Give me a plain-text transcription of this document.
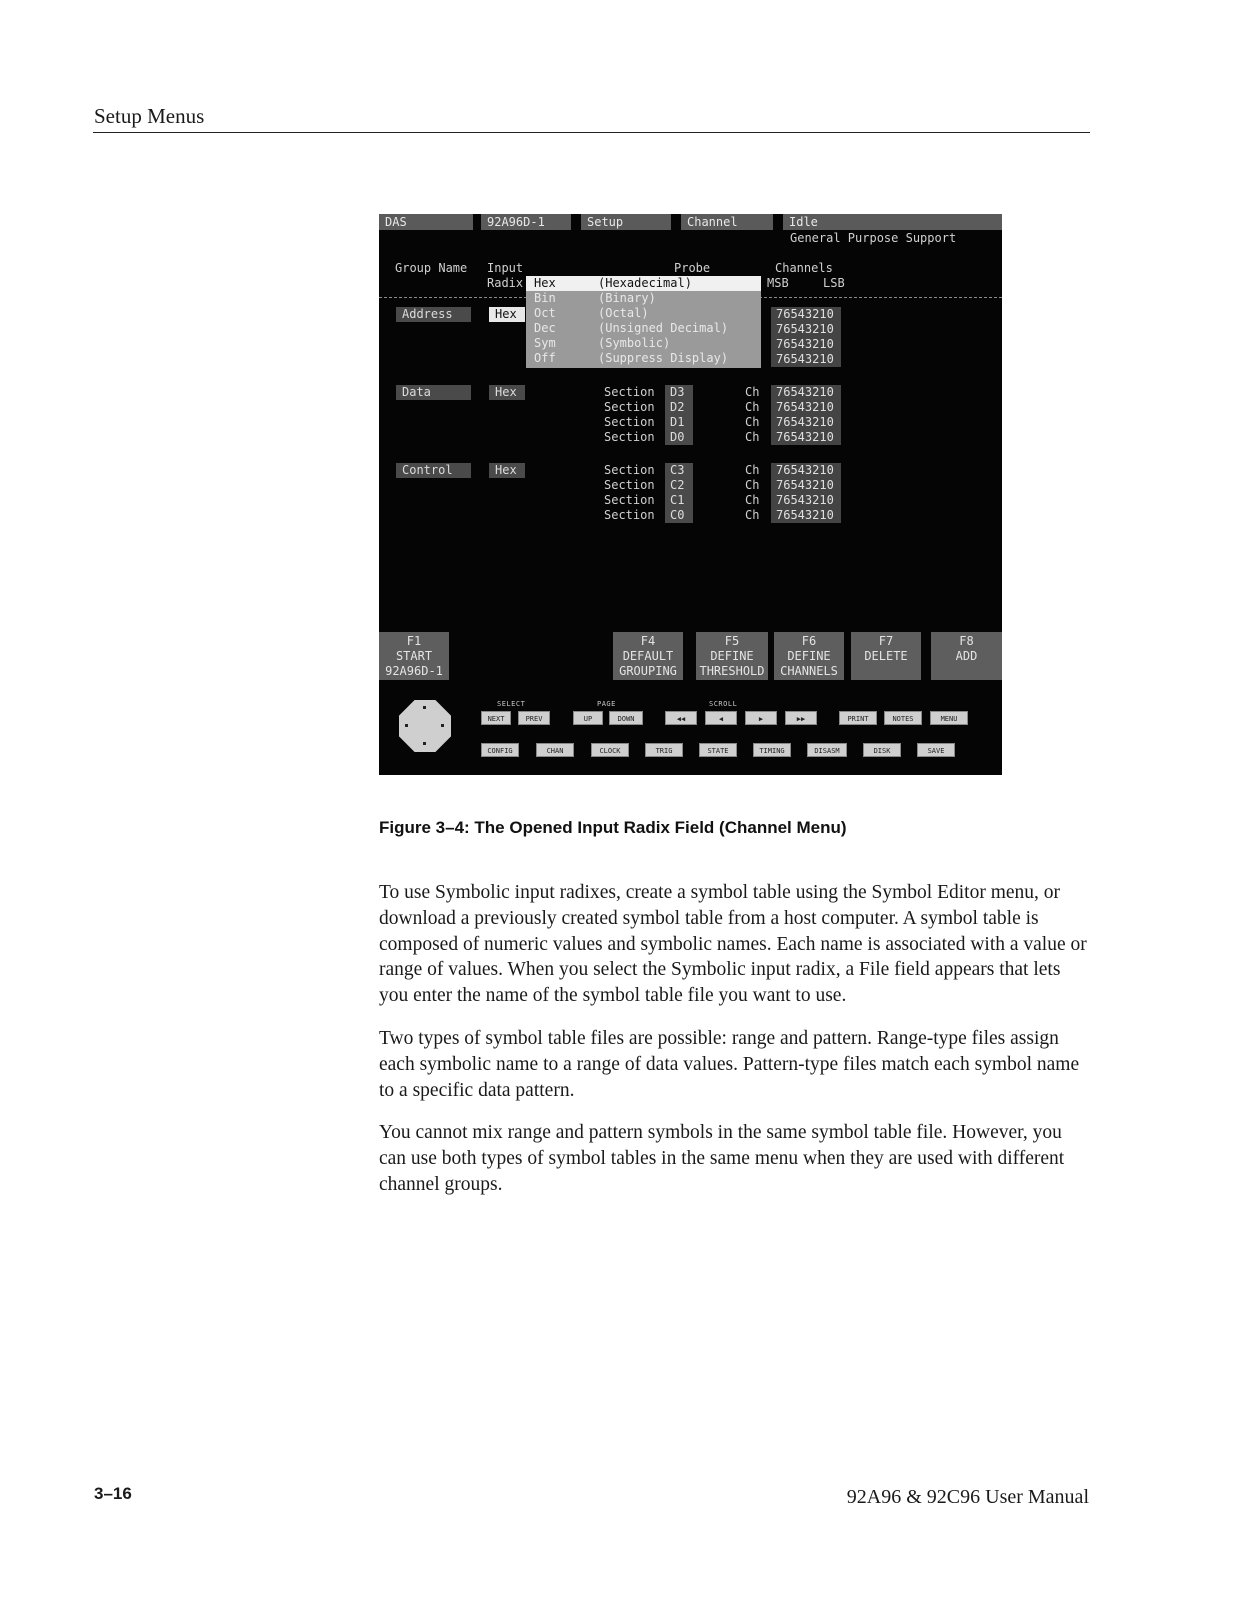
Setup Menus
DAS	92A96D-1	Setup	Channel	Idle
General Purpose Support
Group Name Input
Radix
Probe	Channels
MSB	LSB
Address	Hex	76543210
76543210
76543210
76543210
Hex	(Hexadecimal)
Bin	(Binary)
Oct	(Octal)
Dec	(Unsigned Decimal)
Sym	(Symbolic)
Off	(Suppress Display)
Data	Hex	Section	D3	Ch	76543210
Section	D2	Ch	76543210
Section	D1	Ch	76543210
Section	D0	Ch	76543210
Control	Hex	Section	C3	Ch	76543210
Section	C2	Ch	76543210
Section	C1	Ch	76543210
Section	C0	Ch	76543210
F1
START
92A96D-1
F4
DEFAULT
GROUPING
F5
DEFINE
THRESHOLD
F6
DEFINE
CHANNELS
F7
DELETE
F8
ADD
SELECT	PAGE	SCROLL
NEXT	PREV	UP	DOWN	◀◀	◀	▶	▶▶	PRINT	NOTES	MENU
CONFIG	CHAN	CLOCK	TRIG	STATE	TIMING	DISASM	DISK	SAVE
Figure 3–4: The Opened Input Radix Field (Channel Menu)

To use Symbolic input radixes, create a symbol table using the Symbol Editor menu, or download a previously created symbol table from a host computer. A symbol table is composed of numeric values and symbolic names. Each name is associated with a value or range of values. When you select the Symbolic input radix, a File field appears that lets you enter the name of the symbol table file you want to use.

Two types of symbol table files are possible: range and pattern. Range-type files assign each symbolic name to a range of data values. Pattern-type files match each symbol name to a specific data pattern.

You cannot mix range and pattern symbols in the same symbol table file. However, you can use both types of symbol tables in the same menu when they are used with different channel groups.

3–16	92A96 & 92C96 User Manual
